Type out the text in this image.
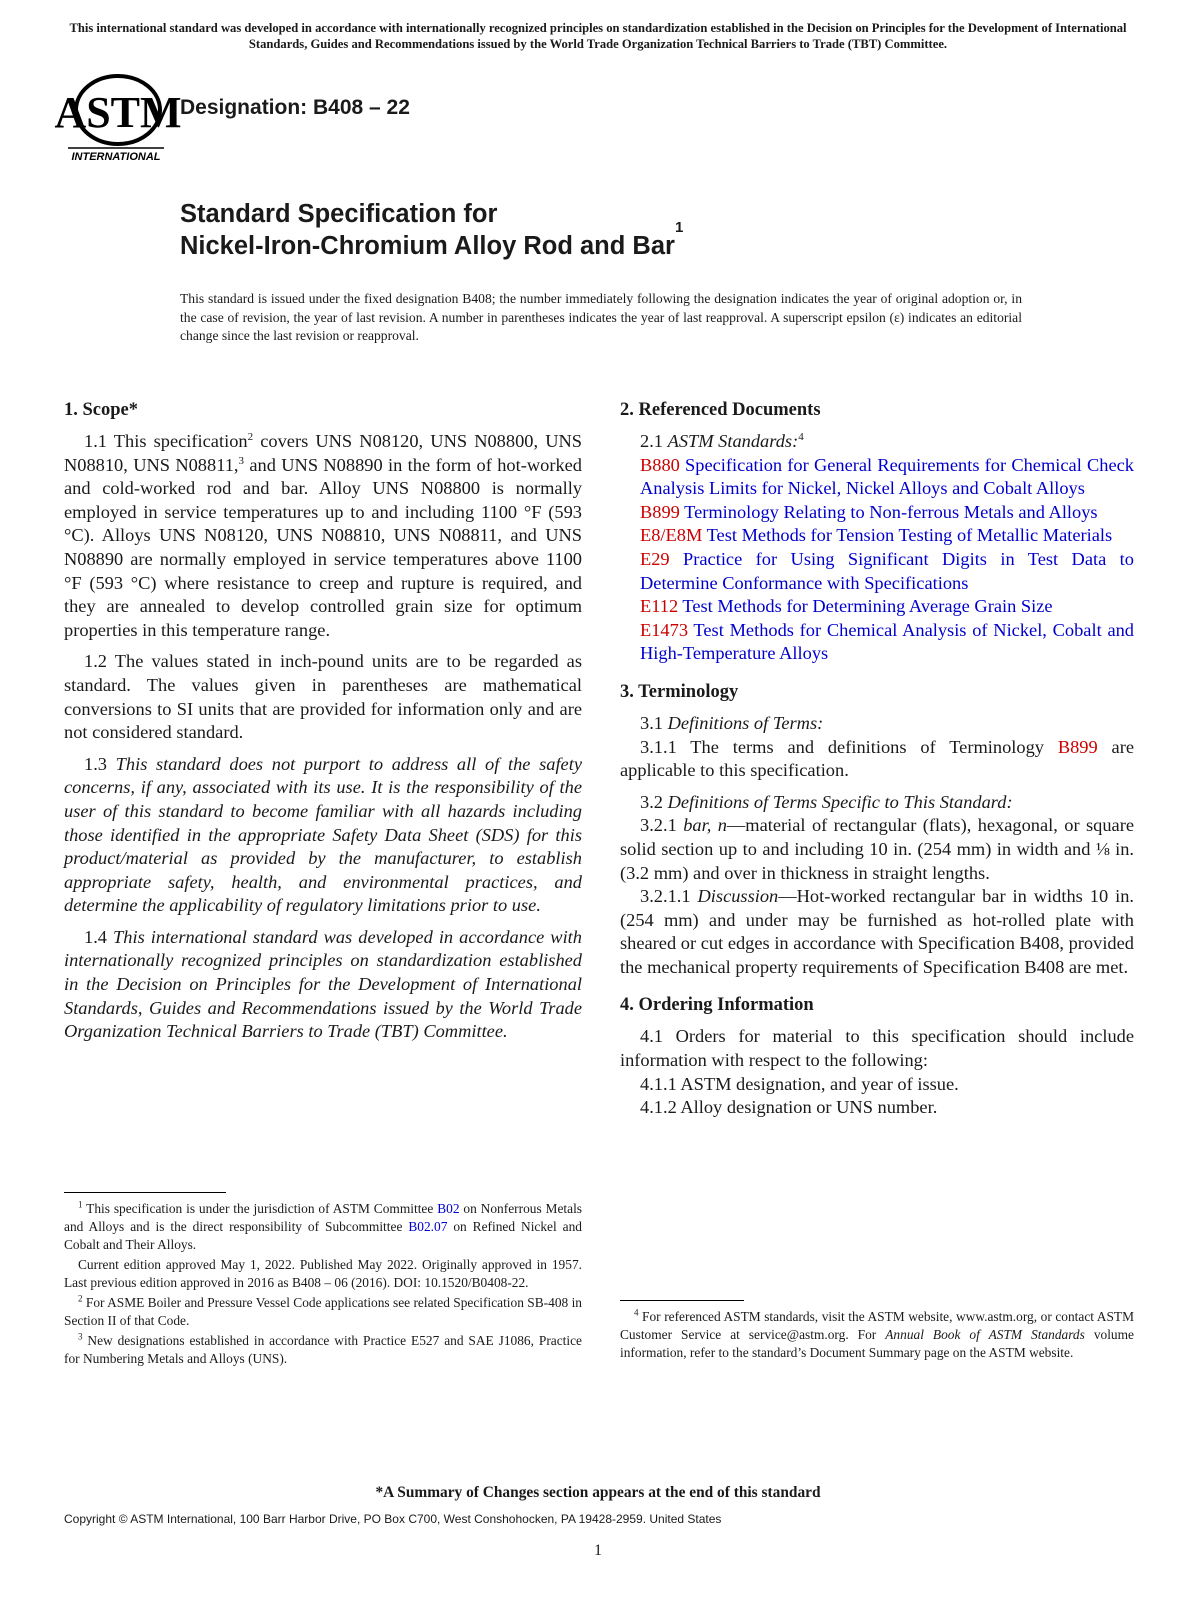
This international standard was developed in accordance with internationally recognized principles on standardization established in the Decision on Principles for the Development of International Standards, Guides and Recommendations issued by the World Trade Organization Technical Barriers to Trade (TBT) Committee.
ASTM
INTERNATIONAL
Designation: B408 – 22
Standard Specification for
Nickel-Iron-Chromium Alloy Rod and Bar$^1$
This standard is issued under the fixed designation B408; the number immediately following the designation indicates the year of original adoption or, in the case of revision, the year of last revision. A number in parentheses indicates the year of last reapproval. A superscript epsilon (ε) indicates an editorial change since the last revision or reapproval.
1. Scope*

1.1 This specification$^2$ covers UNS N08120, UNS N08800, UNS N08810, UNS N08811,$^3$ and UNS N08890 in the form of hot-worked and cold-worked rod and bar. Alloy UNS N08800 is normally employed in service temperatures up to and including 1100 °F (593 °C). Alloys UNS N08120, UNS N08810, UNS N08811, and UNS N08890 are normally employed in service temperatures above 1100 °F (593 °C) where resistance to creep and rupture is required, and they are annealed to develop controlled grain size for optimum properties in this temperature range.

1.2 The values stated in inch-pound units are to be regarded as standard. The values given in parentheses are mathematical conversions to SI units that are provided for information only and are not considered standard.

1.3 This standard does not purport to address all of the safety concerns, if any, associated with its use. It is the responsibility of the user of this standard to become familiar with all hazards including those identified in the appropriate Safety Data Sheet (SDS) for this product/material as provided by the manufacturer, to establish appropriate safety, health, and environmental practices, and determine the applicability of regulatory limitations prior to use.

1.4 This international standard was developed in accordance with internationally recognized principles on standardization established in the Decision on Principles for the Development of International Standards, Guides and Recommendations issued by the World Trade Organization Technical Barriers to Trade (TBT) Committee.

2. Referenced Documents

2.1 ASTM Standards:$^4$

B880 Specification for General Requirements for Chemical Check Analysis Limits for Nickel, Nickel Alloys and Cobalt Alloys
B899 Terminology Relating to Non-ferrous Metals and Alloys
E8/E8M Test Methods for Tension Testing of Metallic Materials
E29 Practice for Using Significant Digits in Test Data to Determine Conformance with Specifications
E112 Test Methods for Determining Average Grain Size
E1473 Test Methods for Chemical Analysis of Nickel, Cobalt and High-Temperature Alloys
3. Terminology

3.1 Definitions of Terms:

3.1.1 The terms and definitions of Terminology B899 are applicable to this specification.

3.2 Definitions of Terms Specific to This Standard:

3.2.1 bar, n—material of rectangular (flats), hexagonal, or square solid section up to and including 10 in. (254 mm) in width and ⅛ in. (3.2 mm) and over in thickness in straight lengths.

3.2.1.1 Discussion—Hot-worked rectangular bar in widths 10 in. (254 mm) and under may be furnished as hot-rolled plate with sheared or cut edges in accordance with Specification B408, provided the mechanical property requirements of Specification B408 are met.

4. Ordering Information

4.1 Orders for material to this specification should include information with respect to the following:

4.1.1 ASTM designation, and year of issue.

4.1.2 Alloy designation or UNS number.

$^1$ This specification is under the jurisdiction of ASTM Committee B02 on Nonferrous Metals and Alloys and is the direct responsibility of Subcommittee B02.07 on Refined Nickel and Cobalt and Their Alloys.

Current edition approved May 1, 2022. Published May 2022. Originally approved in 1957. Last previous edition approved in 2016 as B408 – 06 (2016). DOI: 10.1520/B0408-22.

$^2$ For ASME Boiler and Pressure Vessel Code applications see related Specification SB-408 in Section II of that Code.

$^3$ New designations established in accordance with Practice E527 and SAE J1086, Practice for Numbering Metals and Alloys (UNS).

$^4$ For referenced ASTM standards, visit the ASTM website, www.astm.org, or contact ASTM Customer Service at service@astm.org. For Annual Book of ASTM Standards volume information, refer to the standard’s Document Summary page on the ASTM website.

*A Summary of Changes section appears at the end of this standard
Copyright © ASTM International, 100 Barr Harbor Drive, PO Box C700, West Conshohocken, PA 19428-2959. United States
1
